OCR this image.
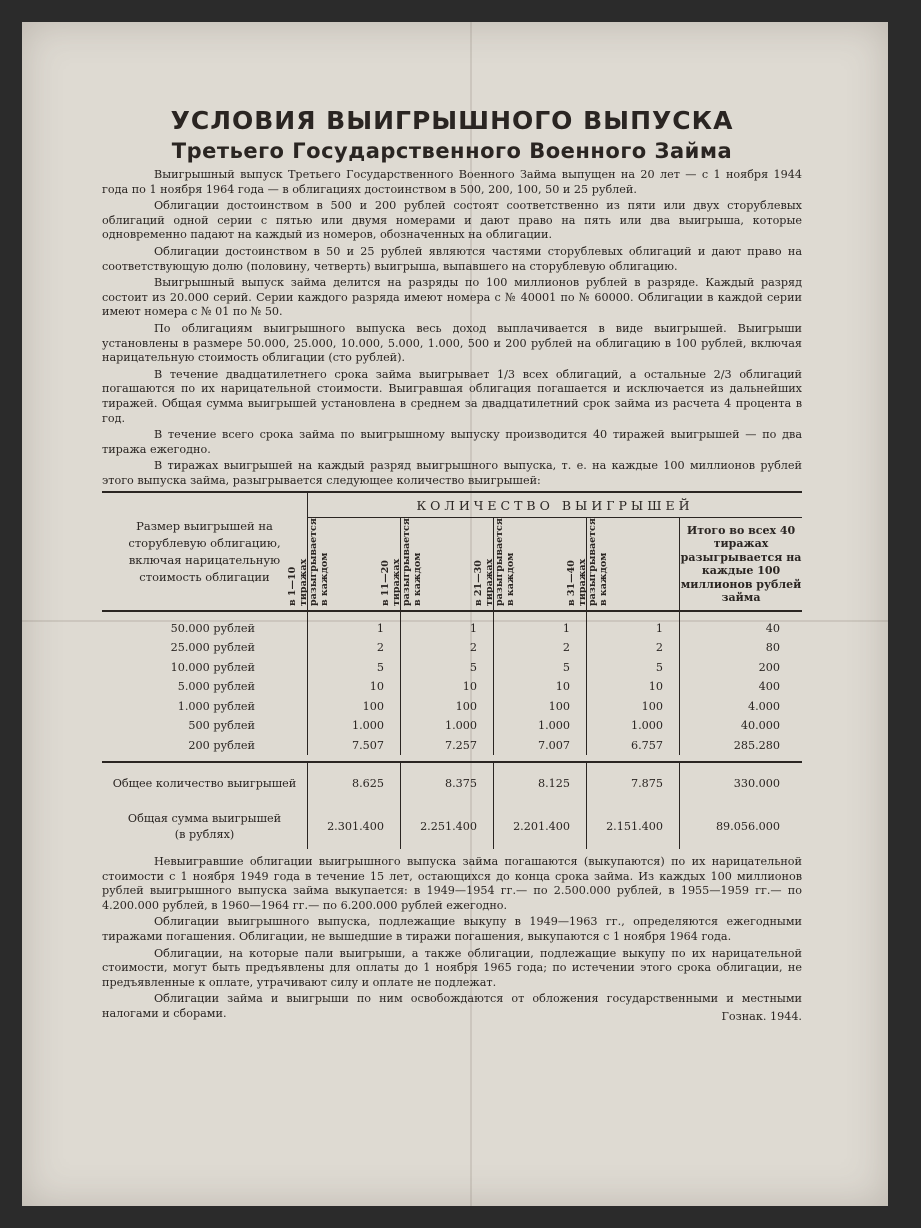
УСЛОВИЯ ВЫИГРЫШНОГО ВЫПУСКА
Третьего Государственного Военного Займа

Выигрышный выпуск Третьего Государственного Военного Займа выпущен на 20 лет — с 1 ноября 1944 года по 1 ноября 1964 года — в облигациях достоинством в 500, 200, 100, 50 и 25 рублей.

Облигации достоинством в 500 и 200 рублей состоят соответственно из пяти или двух сторублевых облигаций одной серии с пятью или двумя номерами и дают право на пять или два выигрыша, которые одновременно падают на каждый из номеров, обозначенных на облигации.

Облигации достоинством в 50 и 25 рублей являются частями сторублевых облигаций и дают право на соответствующую долю (половину, четверть) выигрыша, выпавшего на сторублевую облигацию.

Выигрышный выпуск займа делится на разряды по 100 миллионов рублей в разряде. Каждый разряд состоит из 20.000 серий. Серии каждого разряда имеют номера с № 40001 по № 60000. Облигации в каждой серии имеют номера с № 01 по № 50.

По облигациям выигрышного выпуска весь доход выплачивается в виде выигрышей. Выигрыши установлены в размере 50.000, 25.000, 10.000, 5.000, 1.000, 500 и 200 рублей на облигацию в 100 рублей, включая нарицательную стоимость облигации (сто рублей).

В течение двадцатилетнего срока займа выигрывает 1/3 всех облигаций, а остальные 2/3 облигаций погашаются по их нарицательной стоимости. Выигравшая облигация погашается и исключается из дальнейших тиражей. Общая сумма выигрышей установлена в среднем за двадцатилетний срок займа из расчета 4 процента в год.

В течение всего срока займа по выигрышному выпуску производится 40 тиражей выигрышей — по два тиража ежегодно.

В тиражах выигрышей на каждый разряд выигрышного выпуска, т. е. на каждые 100 миллионов рублей этого выпуска займа, разыгрывается следующее количество выигрышей:

Размер выигрышей на сторублевую облигацию, включая нарицательную стоимость облигации	КОЛИЧЕСТВО ВЫИГРЫШЕЙ				

	в 1—10 тиражах разыгрывается в каждом	в 11—20 тиражах разыгрывается в каждом	в 21—30 тиражах разыгрывается в каждом	в 31—40 тиражах разыгрывается в каждом	Итого во всех 40 тиражах разыгрывается на каждые 100 миллионов рублей займа
50.000 рублей	1	1	1	1	40
25.000 рублей	2	2	2	2	80
10.000 рублей	5	5	5	5	200
5.000 рублей	10	10	10	10	400
1.000 рублей	100	100	100	100	4.000
500 рублей	1.000	1.000	1.000	1.000	40.000
200 рублей	7.507	7.257	7.007	6.757	285.280

Общее количество выигрышей	8.625	8.375	8.125	7.875	330.000

Общая сумма выигрышей
(в рублях)	2.301.400	2.251.400	2.201.400	2.151.400	89.056.000

Невыигравшие облигации выигрышного выпуска займа погашаются (выкупаются) по их нарицательной стоимости с 1 ноября 1949 года в течение 15 лет, остающихся до конца срока займа. Из каждых 100 миллионов рублей выигрышного выпуска займа выкупается: в 1949—1954 гг.— по 2.500.000 рублей, в 1955—1959 гг.— по 4.200.000 рублей, в 1960—1964 гг.— по 6.200.000 рублей ежегодно.

Облигации выигрышного выпуска, подлежащие выкупу в 1949—1963 гг., определяются ежегодными тиражами погашения. Облигации, не вышедшие в тиражи погашения, выкупаются с 1 ноября 1964 года.

Облигации, на которые пали выигрыши, а также облигации, подлежащие выкупу по их нарицательной стоимости, могут быть предъявлены для оплаты до 1 ноября 1965 года; по истечении этого срока облигации, не предъявленные к оплате, утрачивают силу и оплате не подлежат.

Облигации займа и выигрыши по ним освобождаются от обложения государственными и местными налогами и сборами.	Гознак. 1944.
